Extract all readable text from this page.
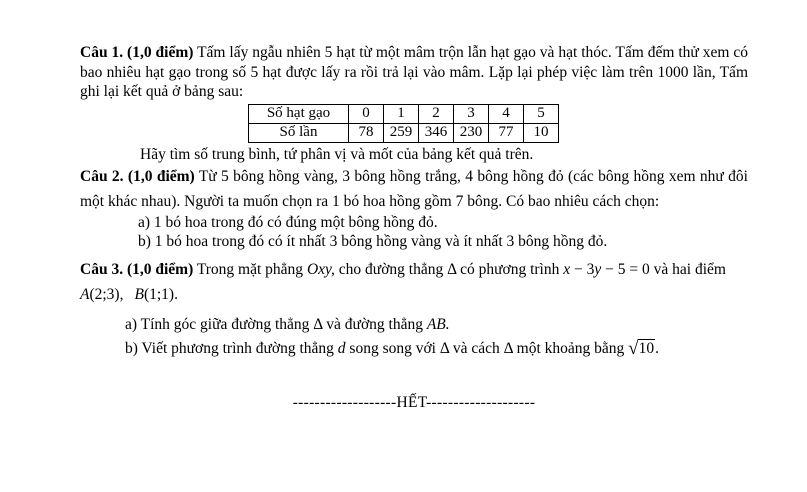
Câu 1. (1,0 điểm) Tấm lấy ngẫu nhiên 5 hạt từ một mâm trộn lẫn hạt gạo và hạt thóc. Tấm đếm thử xem có bao nhiêu hạt gạo trong số 5 hạt được lấy ra rồi trả lại vào mâm. Lặp lại phép việc làm trên 1000 lần, Tấm ghi lại kết quả ở bảng sau:

Số hạt gạo	0	1	2	3	4	5
Số lần	78	259	346	230	77	10

Hãy tìm số trung bình, tứ phân vị và mốt của bảng kết quả trên.

Câu 2. (1,0 điểm) Từ 5 bông hồng vàng, 3 bông hồng trắng, 4 bông hồng đỏ (các bông hồng xem như đôi một khác nhau). Người ta muốn chọn ra 1 bó hoa hồng gồm 7 bông. Có bao nhiêu cách chọn:

a) 1 bó hoa trong đó có đúng một bông hồng đỏ.

b) 1 bó hoa trong đó có ít nhất 3 bông hồng vàng và ít nhất 3 bông hồng đỏ.

Câu 3. (1,0 điểm) Trong mặt phẳng Oxy, cho đường thẳng Δ có phương trình x − 3y − 5 = 0 và hai điểm
A(2;3), B(1;1).

a) Tính góc giữa đường thẳng Δ và đường thẳng AB.

b) Viết phương trình đường thẳng d song song với Δ và cách Δ một khoảng bằng √10.

-------------------HẾT--------------------
